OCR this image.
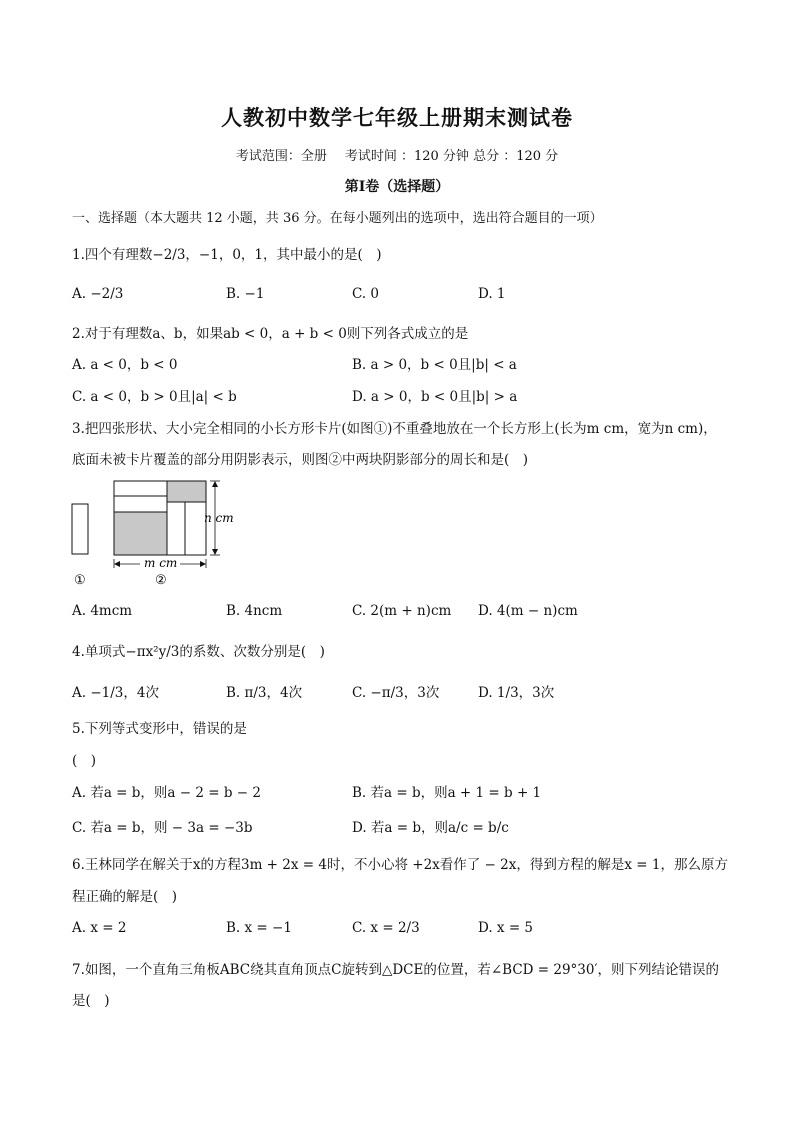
人教初中数学七年级上册期末测试卷
考试范围：全册 考试时间 ：120 分钟 总分 ：120 分
第Ⅰ卷（选择题）
一、选择题（本大题共 12 小题，共 36 分。在每小题列出的选项中，选出符合题目的一项）
1.四个有理数−2/3，−1，0，1，其中最小的是(　)
A. −2/3	B. −1	C. 0	D. 1
2.对于有理数a、b，如果ab < 0，a + b < 0则下列各式成立的是
A. a < 0，b < 0	B. a > 0，b < 0且|b| < a
C. a < 0，b > 0且|a| < b	D. a > 0，b < 0且|b| > a
3.把四张形状、大小完全相同的小长方形卡片(如图①)不重叠地放在一个长方形上(长为m cm，宽为n cm)，
底面未被卡片覆盖的部分用阴影表示，则图②中两块阴影部分的周长和是(　)
n cm
m cm
①	②
A. 4mcm	B. 4ncm	C. 2(m + n)cm D. 4(m − n)cm
4.单项式−πx²y/3的系数、次数分别是(　)
A. −1/3，4次	B. π/3，4次	C. −π/3，3次	D. 1/3，3次
5.下列等式变形中，错误的是
(　)
A. 若a = b，则a − 2 = b − 2	B. 若a = b，则a + 1 = b + 1
C. 若a = b，则 − 3a = −3b	D. 若a = b，则a/c = b/c
6.王林同学在解关于x的方程3m + 2x = 4时，不小心将 +2x看作了 − 2x，得到方程的解是x = 1，那么原方
程正确的解是(　)
A. x = 2	B. x = −1	C. x = 2/3	D. x = 5
7.如图，一个直角三角板ABC绕其直角顶点C旋转到△DCE的位置，若∠BCD = 29°30′，则下列结论错误的
是(　)
